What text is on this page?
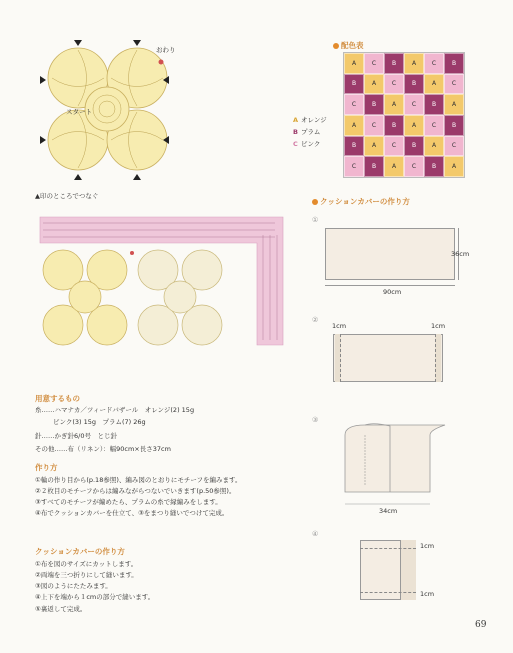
おわり
スタート
▲印のところでつなぐ
配色表
A	C	B	A	C	B
B	A	C	B	A	C
C	B	A	C	B	A
A	C	B	A	C	B
B	A	C	B	A	C
C	B	A	C	B	A
A オレンジ
B プラム
C ピンク
クッションカバーの作り方
①
36cm
90cm
②
1cm	1cm
③
34cm
④
1cm
1cm
用意するもの
糸……ハマナカ／ツィードバザール　オレンジ(2) 15g
ピンク(3) 15g　プラム(7) 26g
針……かぎ針6/0号　とじ針
その他……布（リネン）：幅90cm×長さ37cm
作り方
①輪の作り目から(p.18参照)、編み図のとおりにモチーフを編みます。
②２枚目のモチーフからは編みながらつないでいきます(p.50参照)。
③すべてのモチーフが編めたら、プラムの糸で縁編みをします。
④布でクッションカバーを仕立て、③をまつり縫いでつけて完成。
クッションカバーの作り方
①布を図のサイズにカットします。
②両端を三つ折りにして縫います。
③図のようにたたみます。
④上下を端から１cmの部分で縫います。
⑤裏返して完成。
69
